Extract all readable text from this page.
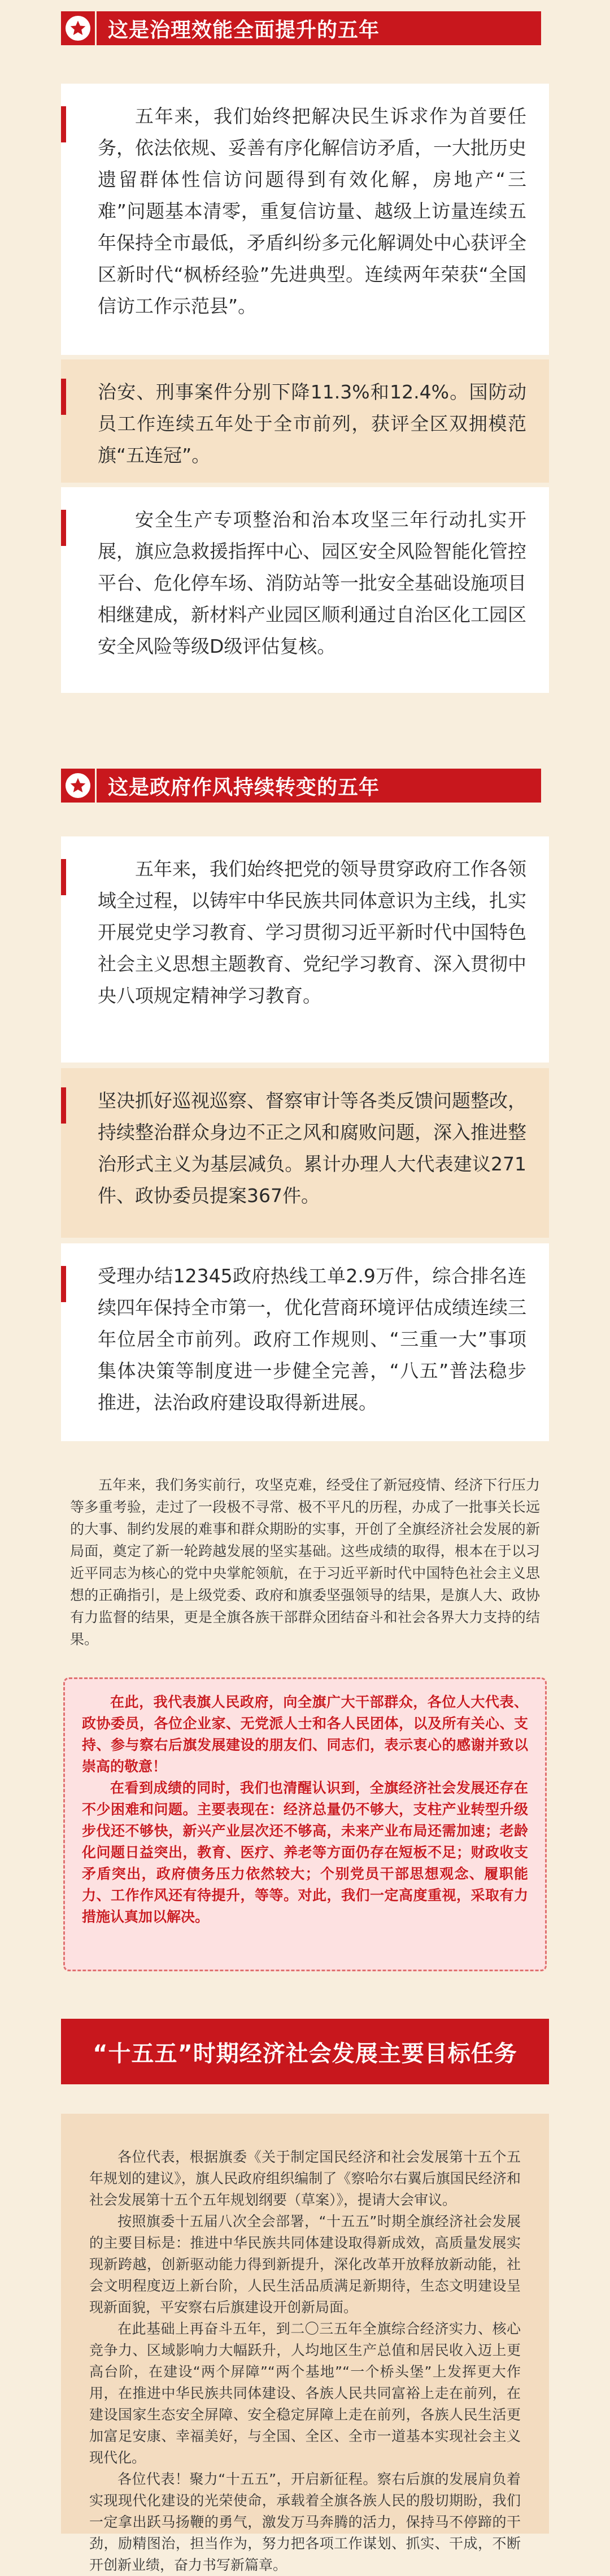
这是治理效能全面提升的五年

五年来，我们始终把解决民生诉求作为首要任务，依法依规、妥善有序化解信访矛盾，一大批历史遗留群体性信访问题得到有效化解，房地产“三难”问题基本清零，重复信访量、越级上访量连续五年保持全市最低，矛盾纠纷多元化解调处中心获评全区新时代“枫桥经验”先进典型。连续两年荣获“全国信访工作示范县”。

治安、刑事案件分别下降11.3%和12.4%。国防动员工作连续五年处于全市前列，获评全区双拥模范旗“五连冠”。

安全生产专项整治和治本攻坚三年行动扎实开展，旗应急救援指挥中心、园区安全风险智能化管控平台、危化停车场、消防站等一批安全基础设施项目相继建成，新材料产业园区顺利通过自治区化工园区安全风险等级D级评估复核。

这是政府作风持续转变的五年

五年来，我们始终把党的领导贯穿政府工作各领域全过程，以铸牢中华民族共同体意识为主线，扎实开展党史学习教育、学习贯彻习近平新时代中国特色社会主义思想主题教育、党纪学习教育、深入贯彻中央八项规定精神学习教育。

坚决抓好巡视巡察、督察审计等各类反馈问题整改，持续整治群众身边不正之风和腐败问题，深入推进整治形式主义为基层减负。累计办理人大代表建议271件、政协委员提案367件。

受理办结12345政府热线工单2.9万件，综合排名连续四年保持全市第一，优化营商环境评估成绩连续三年位居全市前列。政府工作规则、“三重一大”事项集体决策等制度进一步健全完善，“八五”普法稳步推进，法治政府建设取得新进展。

五年来，我们务实前行，攻坚克难，经受住了新冠疫情、经济下行压力等多重考验，走过了一段极不寻常、极不平凡的历程，办成了一批事关长远的大事、制约发展的难事和群众期盼的实事，开创了全旗经济社会发展的新局面，奠定了新一轮跨越发展的坚实基础。这些成绩的取得，根本在于以习近平同志为核心的党中央掌舵领航，在于习近平新时代中国特色社会主义思想的正确指引，是上级党委、政府和旗委坚强领导的结果，是旗人大、政协有力监督的结果，更是全旗各族干部群众团结奋斗和社会各界大力支持的结果。

在此，我代表旗人民政府，向全旗广大干部群众，各位人大代表、政协委员，各位企业家、无党派人士和各人民团体，以及所有关心、支持、参与察右后旗发展建设的朋友们、同志们，表示衷心的感谢并致以崇高的敬意！

在看到成绩的同时，我们也清醒认识到，全旗经济社会发展还存在不少困难和问题。主要表现在：经济总量仍不够大，支柱产业转型升级步伐还不够快，新兴产业层次还不够高，未来产业布局还需加速；老龄化问题日益突出，教育、医疗、养老等方面仍存在短板不足；财政收支矛盾突出，政府债务压力依然较大；个别党员干部思想观念、履职能力、工作作风还有待提升，等等。对此，我们一定高度重视，采取有力措施认真加以解决。

“十五五”时期经济社会发展主要目标任务

各位代表，根据旗委《关于制定国民经济和社会发展第十五个五年规划的建议》，旗人民政府组织编制了《察哈尔右翼后旗国民经济和社会发展第十五个五年规划纲要（草案）》，提请大会审议。

按照旗委十五届八次全会部署，“十五五”时期全旗经济社会发展的主要目标是：推进中华民族共同体建设取得新成效，高质量发展实现新跨越，创新驱动能力得到新提升，深化改革开放释放新动能，社会文明程度迈上新台阶，人民生活品质满足新期待，生态文明建设呈现新面貌，平安察右后旗建设开创新局面。

在此基础上再奋斗五年，到二〇三五年全旗综合经济实力、核心竞争力、区域影响力大幅跃升，人均地区生产总值和居民收入迈上更高台阶，在建设“两个屏障”“两个基地”“一个桥头堡”上发挥更大作用，在推进中华民族共同体建设、各族人民共同富裕上走在前列，在建设国家生态安全屏障、安全稳定屏障上走在前列，各族人民生活更加富足安康、幸福美好，与全国、全区、全市一道基本实现社会主义现代化。

各位代表！聚力“十五五”，开启新征程。察右后旗的发展肩负着实现现代化建设的光荣使命，承载着全旗各族人民的殷切期盼，我们一定拿出跃马扬鞭的勇气，激发万马奔腾的活力，保持马不停蹄的干劲，励精图治，担当作为，努力把各项工作谋划、抓实、干成，不断开创新业绩，奋力书写新篇章。
